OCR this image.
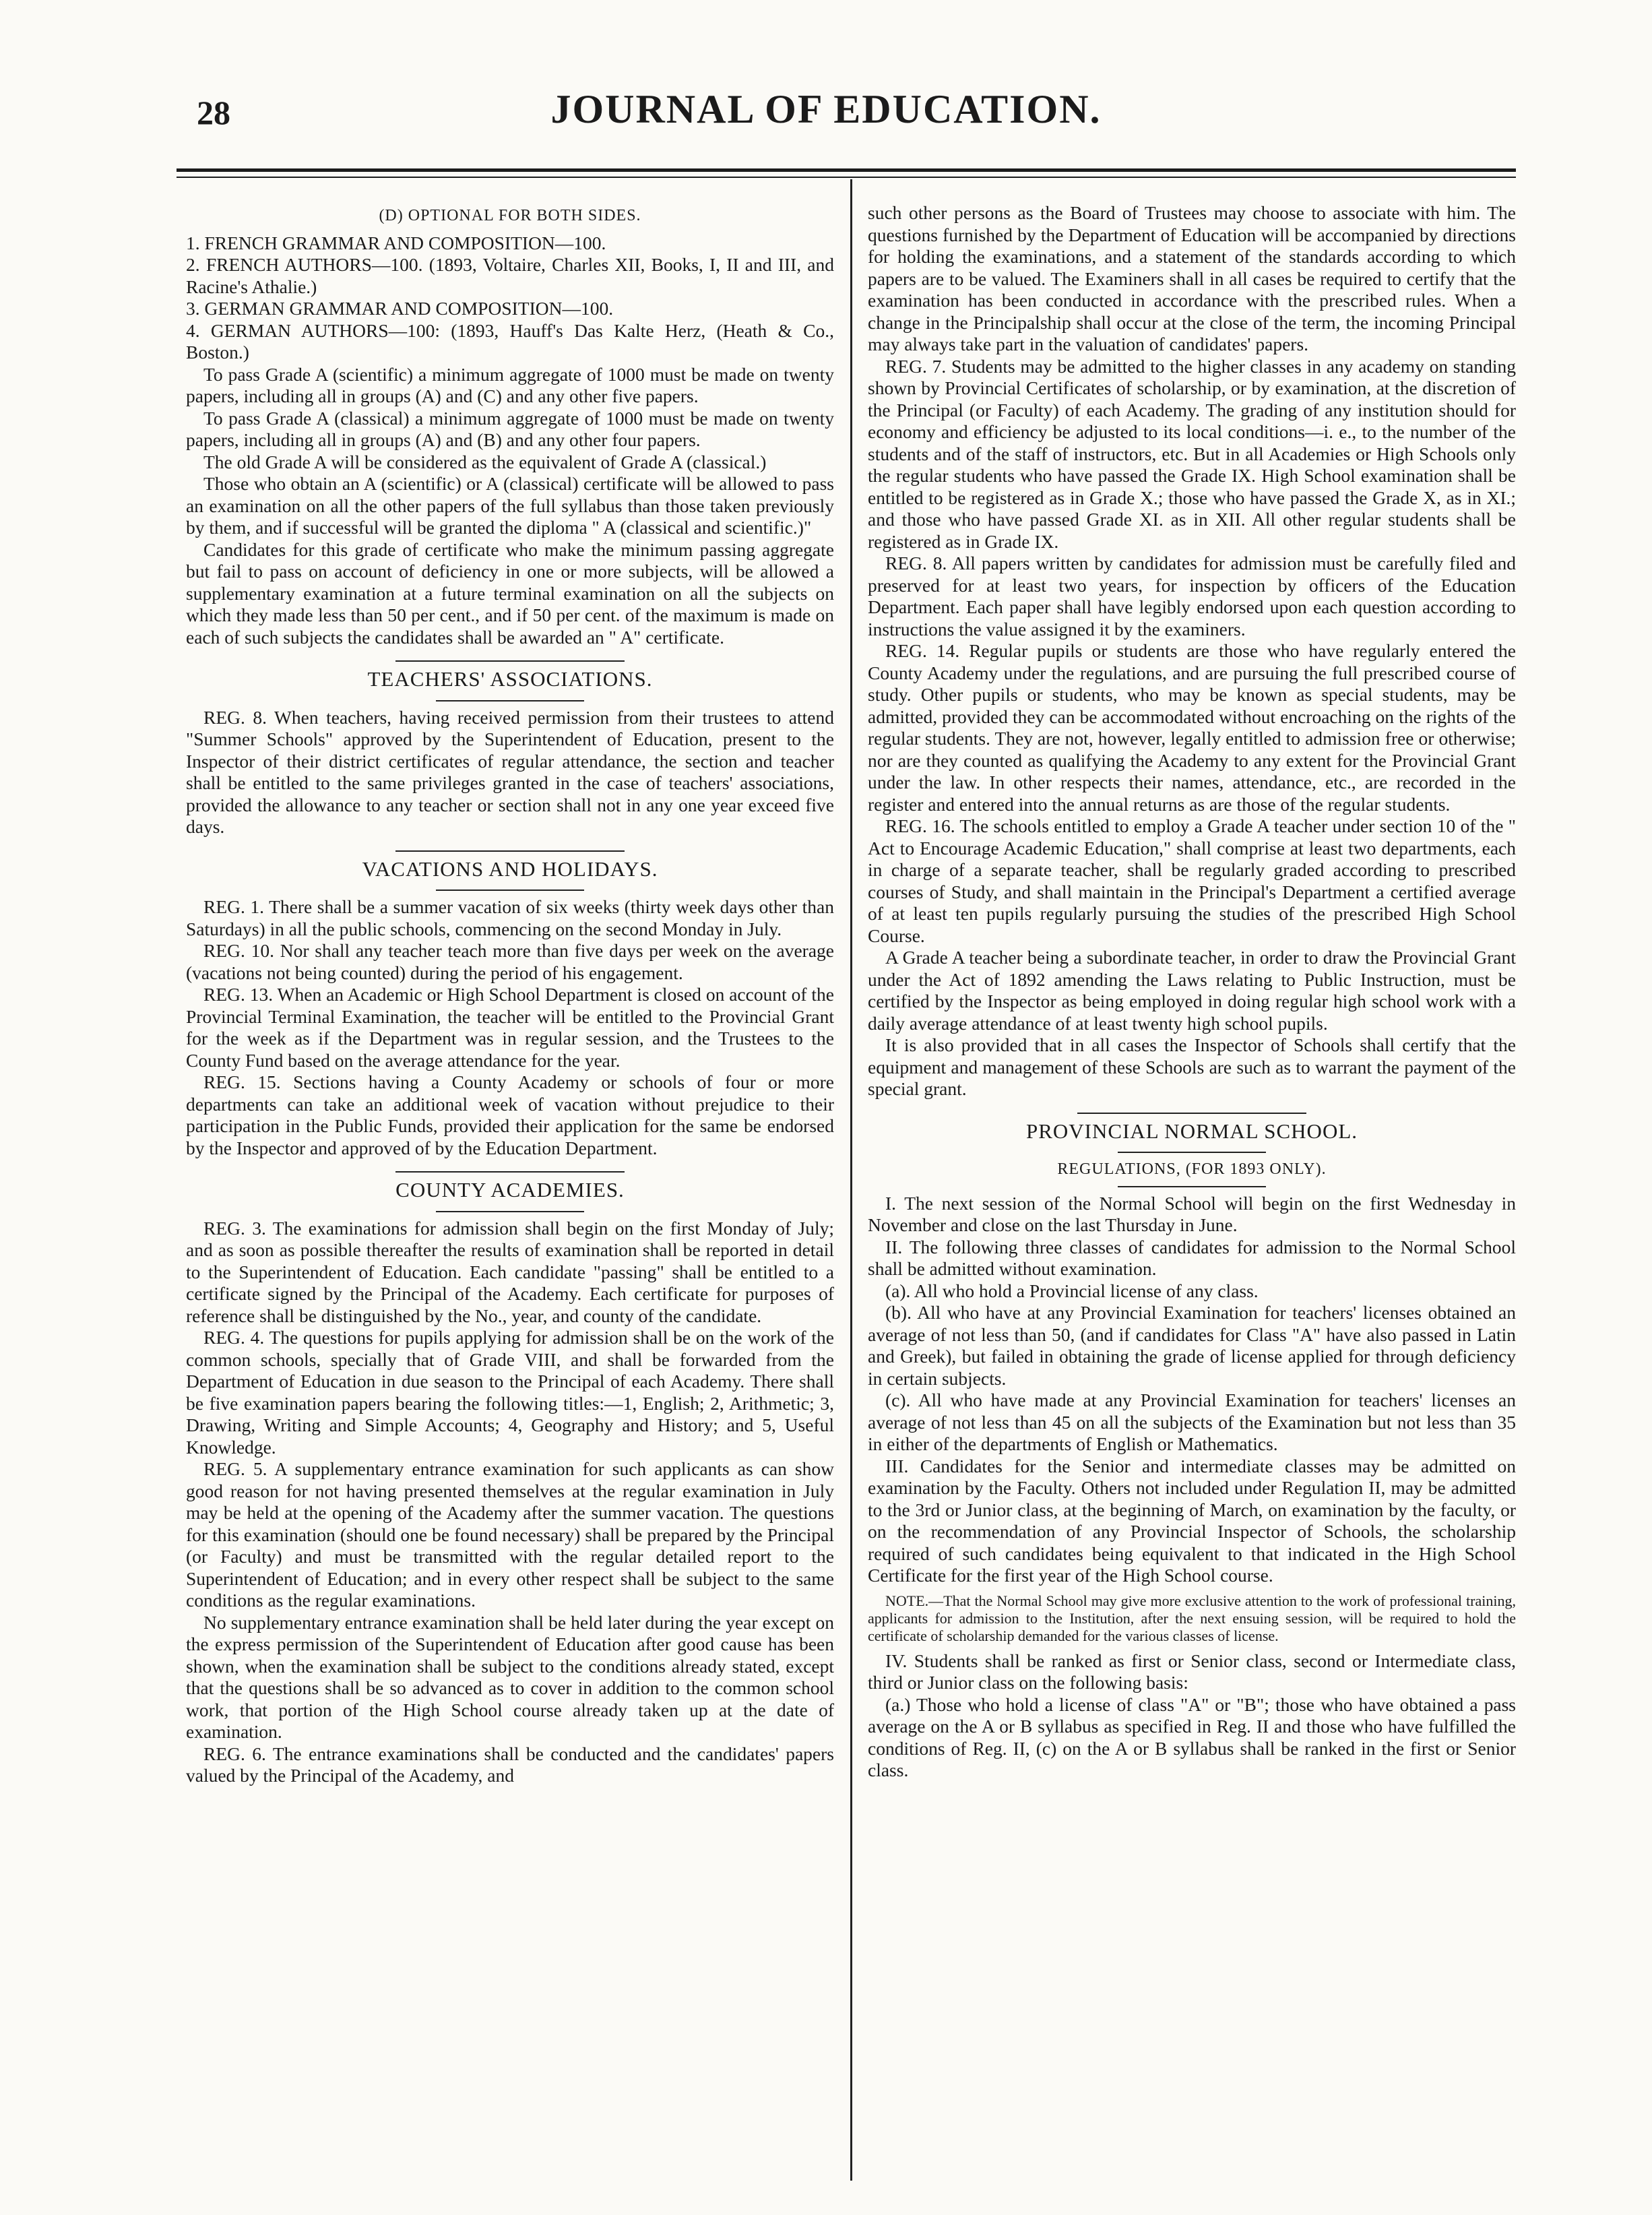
28	JOURNAL OF EDUCATION.
(D) OPTIONAL FOR BOTH SIDES.

1. FRENCH GRAMMAR AND COMPOSITION—100.

2. FRENCH AUTHORS—100. (1893, Voltaire, Charles XII, Books, I, II and III, and Racine's Athalie.)

3. GERMAN GRAMMAR AND COMPOSITION—100.

4. GERMAN AUTHORS—100: (1893, Hauff's Das Kalte Herz, (Heath & Co., Boston.)

To pass Grade A (scientific) a minimum aggregate of 1000 must be made on twenty papers, including all in groups (A) and (C) and any other five papers.

To pass Grade A (classical) a minimum aggregate of 1000 must be made on twenty papers, including all in groups (A) and (B) and any other four papers.

The old Grade A will be considered as the equivalent of Grade A (classical.)

Those who obtain an A (scientific) or A (classical) certificate will be allowed to pass an examination on all the other papers of the full syllabus than those taken previously by them, and if successful will be granted the diploma " A (classical and scientific.)"

Candidates for this grade of certificate who make the minimum passing aggregate but fail to pass on account of deficiency in one or more subjects, will be allowed a supplementary examination at a future terminal examination on all the subjects on which they made less than 50 per cent., and if 50 per cent. of the maximum is made on each of such subjects the candidates shall be awarded an " A" certificate.

TEACHERS' ASSOCIATIONS.

REG. 8. When teachers, having received permission from their trustees to attend "Summer Schools" approved by the Superintendent of Education, present to the Inspector of their district certificates of regular attendance, the section and teacher shall be entitled to the same privileges granted in the case of teachers' associations, provided the allowance to any teacher or section shall not in any one year exceed five days.

VACATIONS AND HOLIDAYS.

REG. 1. There shall be a summer vacation of six weeks (thirty week days other than Saturdays) in all the public schools, commencing on the second Monday in July.

REG. 10. Nor shall any teacher teach more than five days per week on the average (vacations not being counted) during the period of his engagement.

REG. 13. When an Academic or High School Department is closed on account of the Provincial Terminal Examination, the teacher will be entitled to the Provincial Grant for the week as if the Department was in regular session, and the Trustees to the County Fund based on the average attendance for the year.

REG. 15. Sections having a County Academy or schools of four or more departments can take an additional week of vacation without prejudice to their participation in the Public Funds, provided their application for the same be endorsed by the Inspector and approved of by the Education Department.

COUNTY ACADEMIES.

REG. 3. The examinations for admission shall begin on the first Monday of July; and as soon as possible thereafter the results of examination shall be reported in detail to the Superintendent of Education. Each candidate "passing" shall be entitled to a certificate signed by the Principal of the Academy. Each certificate for purposes of reference shall be distinguished by the No., year, and county of the candidate.

REG. 4. The questions for pupils applying for admission shall be on the work of the common schools, specially that of Grade VIII, and shall be forwarded from the Department of Education in due season to the Principal of each Academy. There shall be five examination papers bearing the following titles:—1, English; 2, Arithmetic; 3, Drawing, Writing and Simple Accounts; 4, Geography and History; and 5, Useful Knowledge.

REG. 5. A supplementary entrance examination for such applicants as can show good reason for not having presented themselves at the regular examination in July may be held at the opening of the Academy after the summer vacation. The questions for this examination (should one be found necessary) shall be prepared by the Principal (or Faculty) and must be transmitted with the regular detailed report to the Superintendent of Education; and in every other respect shall be subject to the same conditions as the regular examinations.

No supplementary entrance examination shall be held later during the year except on the express permission of the Superintendent of Education after good cause has been shown, when the examination shall be subject to the conditions already stated, except that the questions shall be so advanced as to cover in addition to the common school work, that portion of the High School course already taken up at the date of examination.

REG. 6. The entrance examinations shall be conducted and the candidates' papers valued by the Principal of the Academy, and

such other persons as the Board of Trustees may choose to associate with him. The questions furnished by the Department of Education will be accompanied by directions for holding the examinations, and a statement of the standards according to which papers are to be valued. The Examiners shall in all cases be required to certify that the examination has been conducted in accordance with the prescribed rules. When a change in the Principalship shall occur at the close of the term, the incoming Principal may always take part in the valuation of candidates' papers.

REG. 7. Students may be admitted to the higher classes in any academy on standing shown by Provincial Certificates of scholarship, or by examination, at the discretion of the Principal (or Faculty) of each Academy. The grading of any institution should for economy and efficiency be adjusted to its local conditions—i. e., to the number of the students and of the staff of instructors, etc. But in all Academies or High Schools only the regular students who have passed the Grade IX. High School examination shall be entitled to be registered as in Grade X.; those who have passed the Grade X, as in XI.; and those who have passed Grade XI. as in XII. All other regular students shall be registered as in Grade IX.

REG. 8. All papers written by candidates for admission must be carefully filed and preserved for at least two years, for inspection by officers of the Education Department. Each paper shall have legibly endorsed upon each question according to instructions the value assigned it by the examiners.

REG. 14. Regular pupils or students are those who have regularly entered the County Academy under the regulations, and are pursuing the full prescribed course of study. Other pupils or students, who may be known as special students, may be admitted, provided they can be accommodated without encroaching on the rights of the regular students. They are not, however, legally entitled to admission free or otherwise; nor are they counted as qualifying the Academy to any extent for the Provincial Grant under the law. In other respects their names, attendance, etc., are recorded in the register and entered into the annual returns as are those of the regular students.

REG. 16. The schools entitled to employ a Grade A teacher under section 10 of the " Act to Encourage Academic Education," shall comprise at least two departments, each in charge of a separate teacher, shall be regularly graded according to prescribed courses of Study, and shall maintain in the Principal's Department a certified average of at least ten pupils regularly pursuing the studies of the prescribed High School Course.

A Grade A teacher being a subordinate teacher, in order to draw the Provincial Grant under the Act of 1892 amending the Laws relating to Public Instruction, must be certified by the Inspector as being employed in doing regular high school work with a daily average attendance of at least twenty high school pupils.

It is also provided that in all cases the Inspector of Schools shall certify that the equipment and management of these Schools are such as to warrant the payment of the special grant.

PROVINCIAL NORMAL SCHOOL.
REGULATIONS, (FOR 1893 ONLY).

I. The next session of the Normal School will begin on the first Wednesday in November and close on the last Thursday in June.

II. The following three classes of candidates for admission to the Normal School shall be admitted without examination.

(a). All who hold a Provincial license of any class.

(b). All who have at any Provincial Examination for teachers' licenses obtained an average of not less than 50, (and if candidates for Class "A" have also passed in Latin and Greek), but failed in obtaining the grade of license applied for through deficiency in certain subjects.

(c). All who have made at any Provincial Examination for teachers' licenses an average of not less than 45 on all the subjects of the Examination but not less than 35 in either of the departments of English or Mathematics.

III. Candidates for the Senior and intermediate classes may be admitted on examination by the Faculty. Others not included under Regulation II, may be admitted to the 3rd or Junior class, at the beginning of March, on examination by the faculty, or on the recommendation of any Provincial Inspector of Schools, the scholarship required of such candidates being equivalent to that indicated in the High School Certificate for the first year of the High School course.

NOTE.—That the Normal School may give more exclusive attention to the work of professional training, applicants for admission to the Institution, after the next ensuing session, will be required to hold the certificate of scholarship demanded for the various classes of license.

IV. Students shall be ranked as first or Senior class, second or Intermediate class, third or Junior class on the following basis:

(a.) Those who hold a license of class "A" or "B"; those who have obtained a pass average on the A or B syllabus as specified in Reg. II and those who have fulfilled the conditions of Reg. II, (c) on the A or B syllabus shall be ranked in the first or Senior class.
